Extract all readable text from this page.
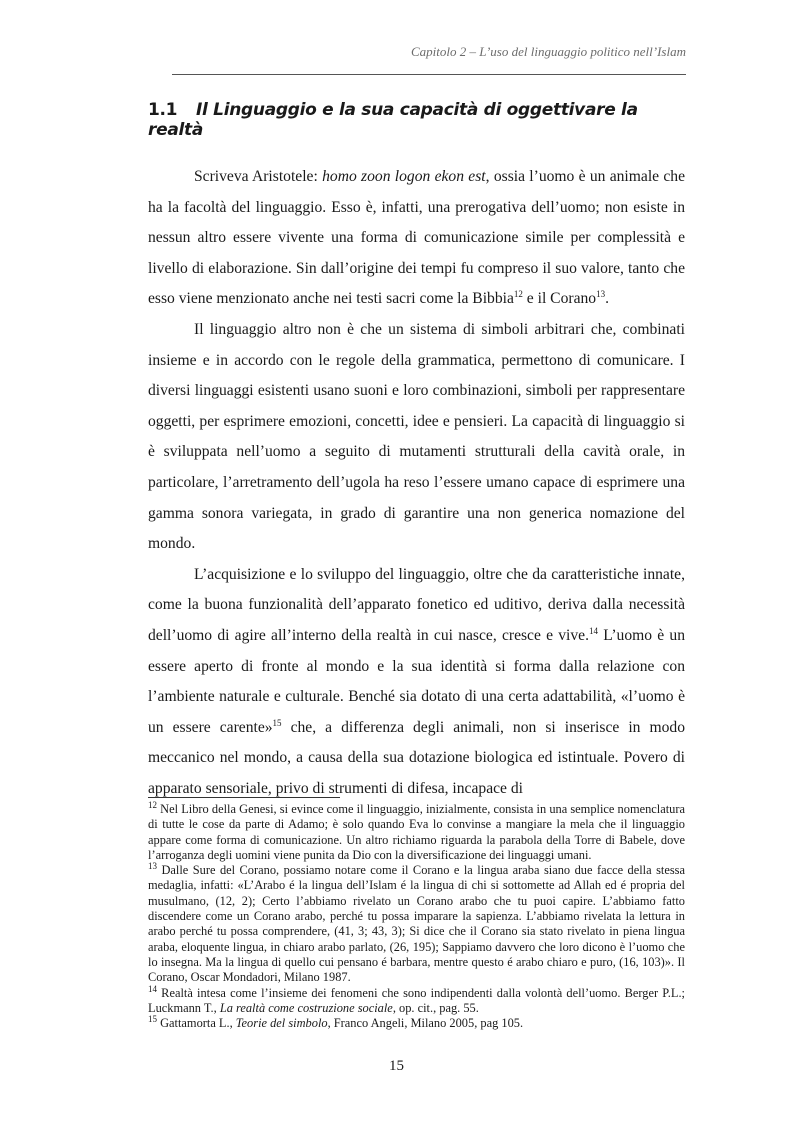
Capitolo 2 – L’uso del linguaggio politico nell’Islam
1.1 Il Linguaggio e la sua capacità di oggettivare la realtà

Scriveva Aristotele: homo zoon logon ekon est, ossia l’uomo è un animale che ha la facoltà del linguaggio. Esso è, infatti, una prerogativa dell’uomo; non esiste in nessun altro essere vivente una forma di comunicazione simile per complessità e livello di elaborazione. Sin dall’origine dei tempi fu compreso il suo valore, tanto che esso viene menzionato anche nei testi sacri come la Bibbia$^{12}$ e il Corano$^{13}$.

Il linguaggio altro non è che un sistema di simboli arbitrari che, combinati insieme e in accordo con le regole della grammatica, permettono di comunicare. I diversi linguaggi esistenti usano suoni e loro combinazioni, simboli per rappresentare oggetti, per esprimere emozioni, concetti, idee e pensieri. La capacità di linguaggio si è sviluppata nell’uomo a seguito di mutamenti strutturali della cavità orale, in particolare, l’arretramento dell’ugola ha reso l’essere umano capace di esprimere una gamma sonora variegata, in grado di garantire una non generica nomazione del mondo.

L’acquisizione e lo sviluppo del linguaggio, oltre che da caratteristiche innate, come la buona funzionalità dell’apparato fonetico ed uditivo, deriva dalla necessità dell’uomo di agire all’interno della realtà in cui nasce, cresce e vive.$^{14}$ L’uomo è un essere aperto di fronte al mondo e la sua identità si forma dalla relazione con l’ambiente naturale e culturale. Benché sia dotato di una certa adattabilità, «l’uomo è un essere carente»$^{15}$ che, a differenza degli animali, non si inserisce in modo meccanico nel mondo, a causa della sua dotazione biologica ed istintuale. Povero di apparato sensoriale, privo di strumenti di difesa, incapace di

$^{12}$ Nel Libro della Genesi, si evince come il linguaggio, inizialmente, consista in una semplice nomenclatura di tutte le cose da parte di Adamo; è solo quando Eva lo convinse a mangiare la mela che il linguaggio appare come forma di comunicazione. Un altro richiamo riguarda la parabola della Torre di Babele, dove l’arroganza degli uomini viene punita da Dio con la diversificazione dei linguaggi umani.

$^{13}$ Dalle Sure del Corano, possiamo notare come il Corano e la lingua araba siano due facce della stessa medaglia, infatti: «L’Arabo é la lingua dell’Islam é la lingua di chi si sottomette ad Allah ed é propria del musulmano, (12, 2); Certo l’abbiamo rivelato un Corano arabo che tu puoi capire. L’abbiamo fatto discendere come un Corano arabo, perché tu possa imparare la sapienza. L’abbiamo rivelata la lettura in arabo perché tu possa comprendere, (41, 3; 43, 3); Si dice che il Corano sia stato rivelato in piena lingua araba, eloquente lingua, in chiaro arabo parlato, (26, 195); Sappiamo davvero che loro dicono è l’uomo che lo insegna. Ma la lingua di quello cui pensano é barbara, mentre questo é arabo chiaro e puro, (16, 103)». Il Corano, Oscar Mondadori, Milano 1987.

$^{14}$ Realtà intesa come l’insieme dei fenomeni che sono indipendenti dalla volontà dell’uomo. Berger P.L.; Luckmann T., La realtà come costruzione sociale, op. cit., pag. 55.

$^{15}$ Gattamorta L., Teorie del simbolo, Franco Angeli, Milano 2005, pag 105.

15
